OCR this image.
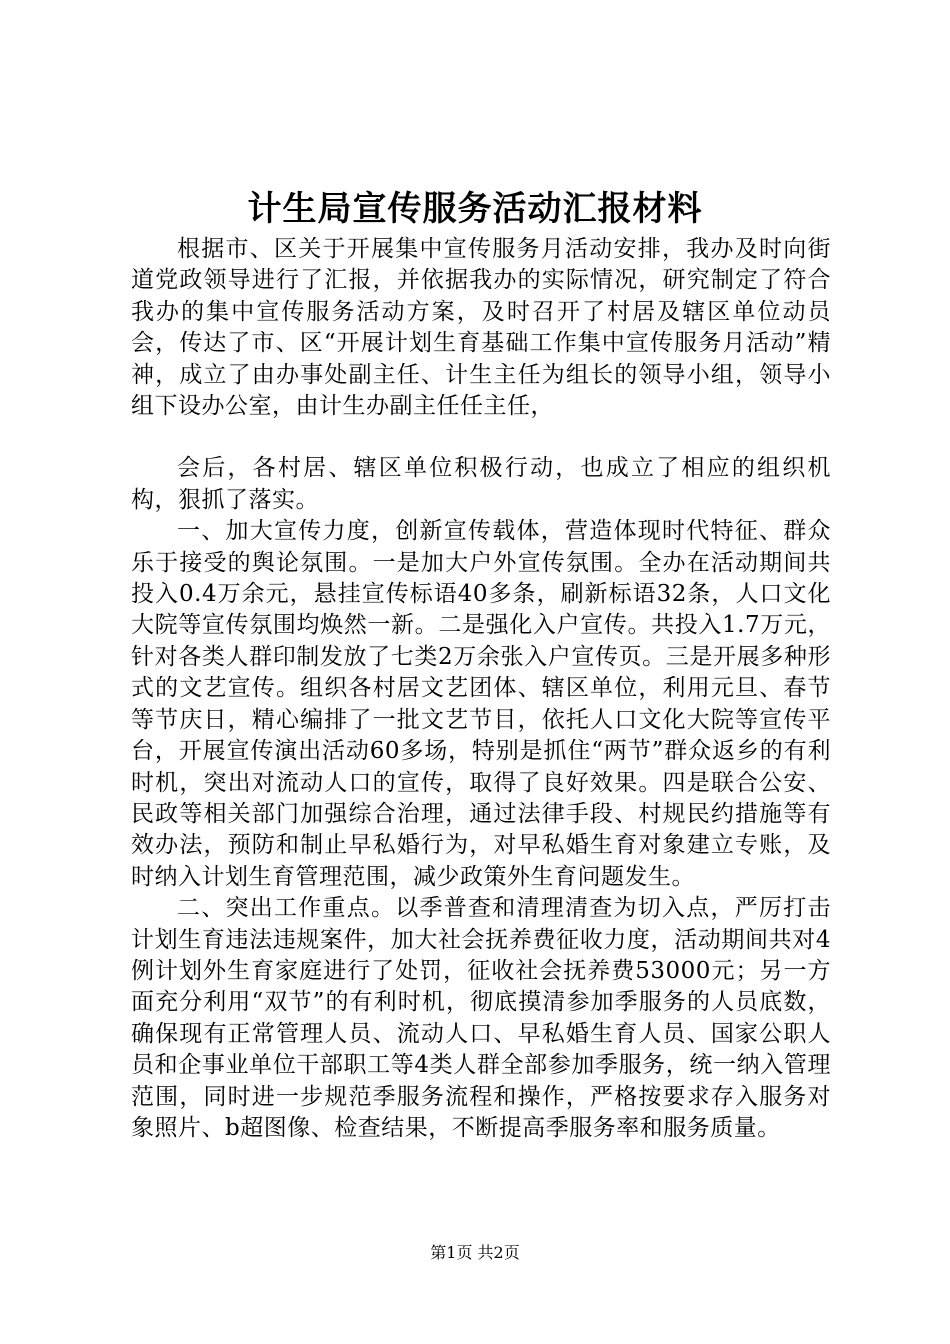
计生局宣传服务活动汇报材料

根据市、区关于开展集中宣传服务月活动安排，我办及时向街道党政领导进行了汇报，并依据我办的实际情况，研究制定了符合我办的集中宣传服务活动方案，及时召开了村居及辖区单位动员会，传达了市、区“开展计划生育基础工作集中宣传服务月活动”精神，成立了由办事处副主任、计生主任为组长的领导小组，领导小组下设办公室，由计生办副主任任主任，

会后，各村居、辖区单位积极行动，也成立了相应的组织机构，狠抓了落实。

一、加大宣传力度，创新宣传载体，营造体现时代特征、群众乐于接受的舆论氛围。一是加大户外宣传氛围。全办在活动期间共投入0.4万余元，悬挂宣传标语40多条，刷新标语32条，人口文化大院等宣传氛围均焕然一新。二是强化入户宣传。共投入1.7万元，针对各类人群印制发放了七类2万余张入户宣传页。三是开展多种形式的文艺宣传。组织各村居文艺团体、辖区单位，利用元旦、春节等节庆日，精心编排了一批文艺节目，依托人口文化大院等宣传平台，开展宣传演出活动60多场，特别是抓住“两节”群众返乡的有利时机，突出对流动人口的宣传，取得了良好效果。四是联合公安、民政等相关部门加强综合治理，通过法律手段、村规民约措施等有效办法，预防和制止早私婚行为，对早私婚生育对象建立专账，及时纳入计划生育管理范围，减少政策外生育问题发生。

二、突出工作重点。以季普查和清理清查为切入点，严厉打击计划生育违法违规案件，加大社会抚养费征收力度，活动期间共对4例计划外生育家庭进行了处罚，征收社会抚养费53000元；另一方面充分利用“双节”的有利时机，彻底摸清参加季服务的人员底数，确保现有正常管理人员、流动人口、早私婚生育人员、国家公职人员和企事业单位干部职工等4类人群全部参加季服务，统一纳入管理范围，同时进一步规范季服务流程和操作，严格按要求存入服务对象照片、b超图像、检查结果，不断提高季服务率和服务质量。

第1页 共2页
